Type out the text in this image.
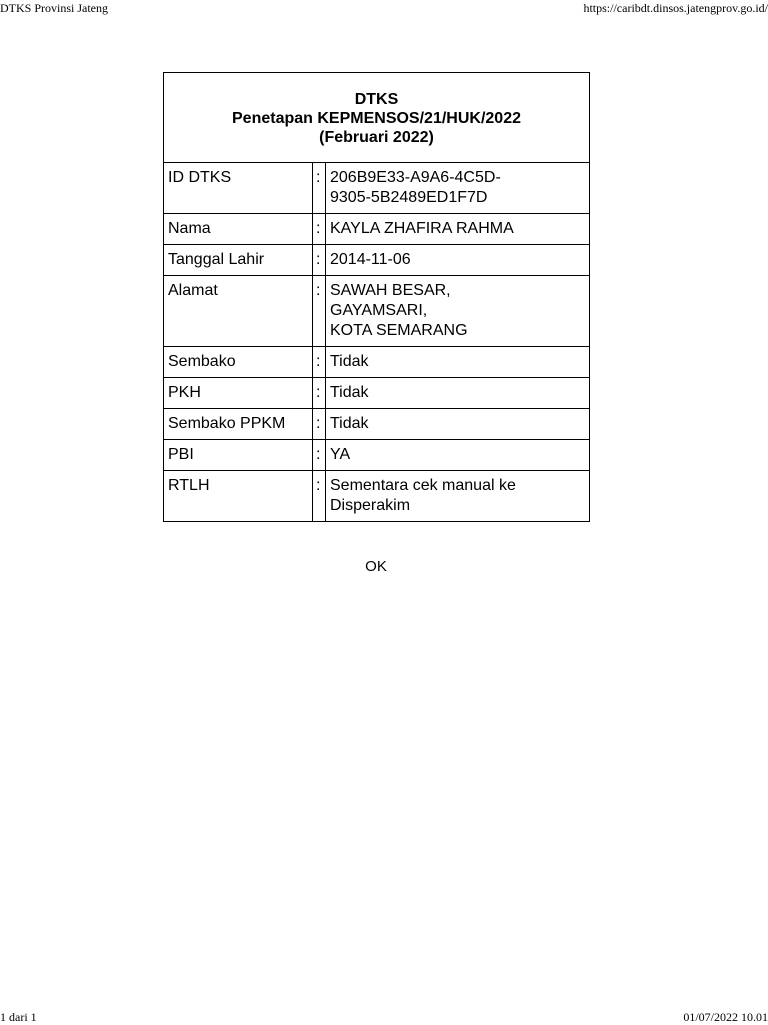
DTKS Provinsi Jateng	https://caribdt.dinsos.jatengprov.go.id/
DTKS
Penetapan KEPMENSOS/21/HUK/2022
(Februari 2022)		

ID DTKS	:	206B9E33-A9A6-4C5D-
9305-5B2489ED1F7D

Nama	:	KAYLA ZHAFIRA RAHMA

Tanggal Lahir	:	2014-11-06

Alamat	:	SAWAH BESAR,
GAYAMSARI,
KOTA SEMARANG

Sembako	:	Tidak

PKH	:	Tidak

Sembako PPKM	:	Tidak

PBI	:	YA

RTLH	:	Sementara cek manual ke
Disperakim
OK
1 dari 1	01/07/2022 10.01
